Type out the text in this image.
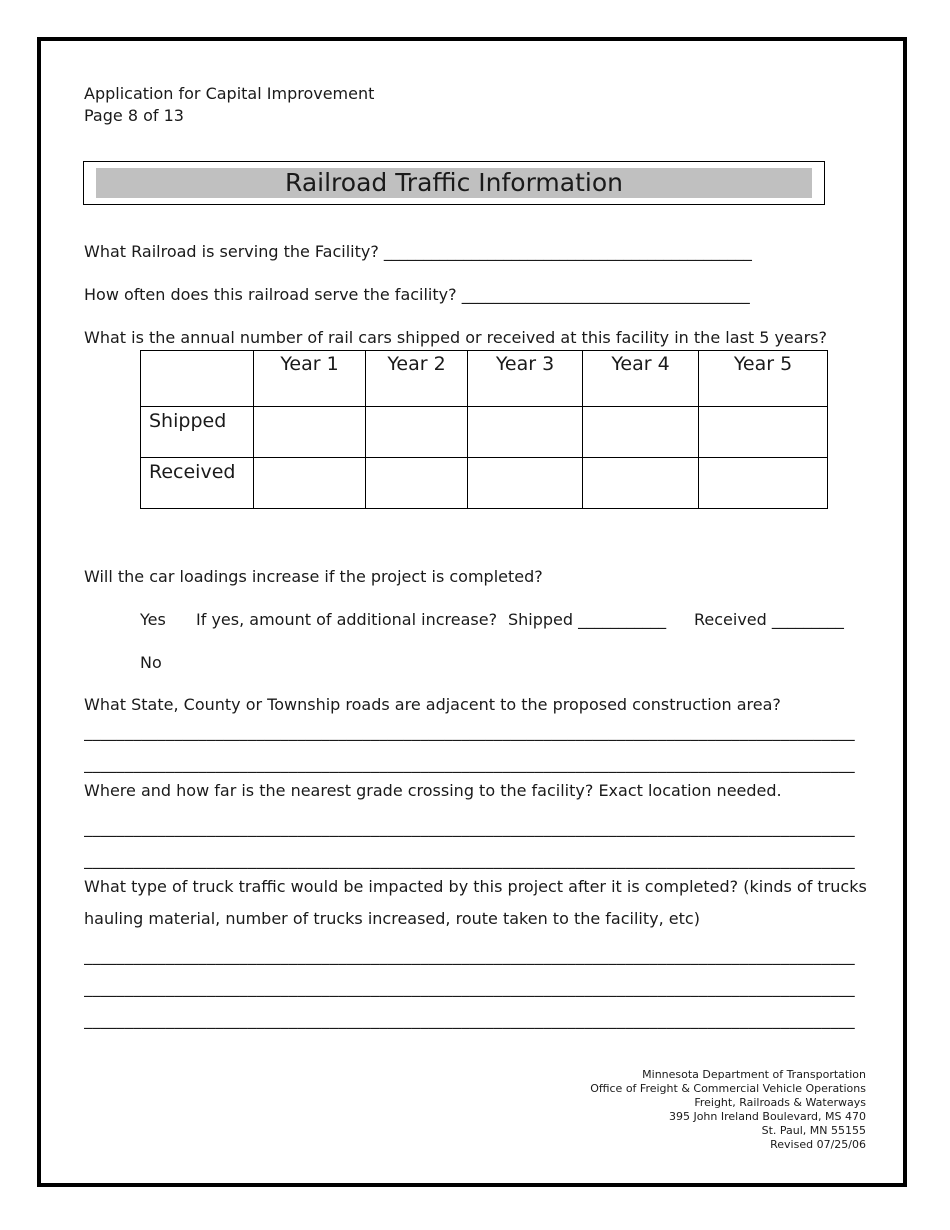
Application for Capital Improvement
Page 8 of 13
Railroad Traffic Information
What Railroad is serving the Facility? ______________________________________________
How often does this railroad serve the facility? ____________________________________
What is the annual number of rail cars shipped or received at this facility in the last 5 years?
	Year 1	Year 2	Year 3	Year 4	Year 5
Shipped					
Received					
Will the car loadings increase if the project is completed?
Yes If yes, amount of additional increase? Shipped ___________ Received _________
No
What State, County or Township roads are adjacent to the proposed construction area?
______________________________________________________________________________________________
______________________________________________________________________________________________
Where and how far is the nearest grade crossing to the facility? Exact location needed.
______________________________________________________________________________________________
______________________________________________________________________________________________
What type of truck traffic would be impacted by this project after it is completed? (kinds of trucks
hauling material, number of trucks increased, route taken to the facility, etc)
______________________________________________________________________________________________
______________________________________________________________________________________________
______________________________________________________________________________________________
Minnesota Department of Transportation
Office of Freight & Commercial Vehicle Operations
Freight, Railroads & Waterways
395 John Ireland Boulevard, MS 470
St. Paul, MN 55155
Revised 07/25/06
